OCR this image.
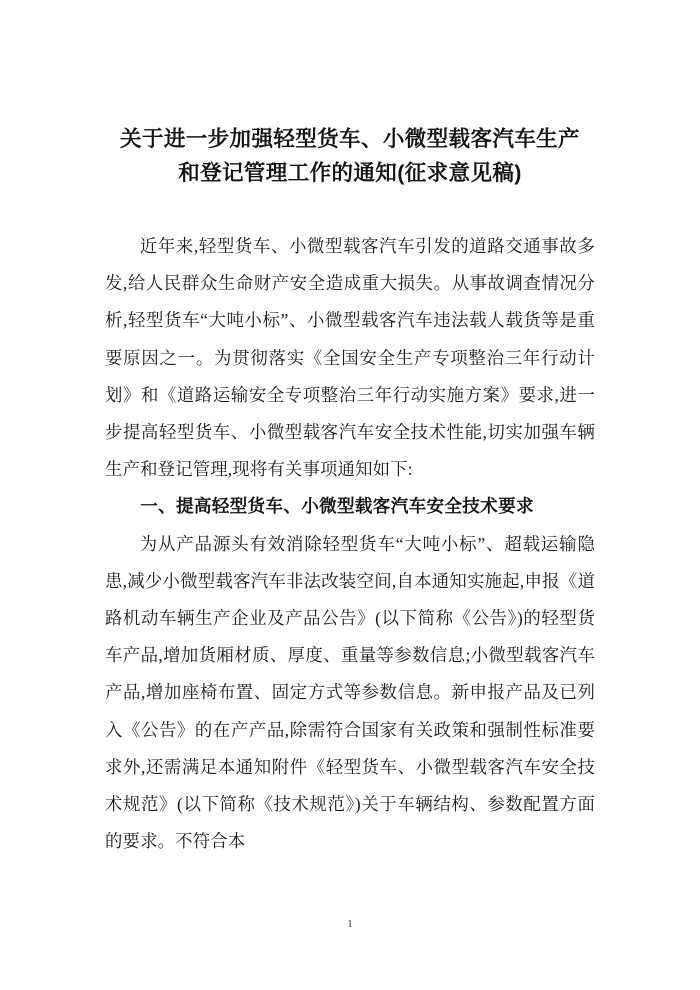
关于进一步加强轻型货车、小微型载客汽车生产
和登记管理工作的通知(征求意见稿)

近年来,轻型货车、小微型载客汽车引发的道路交通事故多发,给人民群众生命财产安全造成重大损失。从事故调查情况分析,轻型货车“大吨小标”、小微型载客汽车违法载人载货等是重要原因之一。为贯彻落实《全国安全生产专项整治三年行动计划》和《道路运输安全专项整治三年行动实施方案》要求,进一步提高轻型货车、小微型载客汽车安全技术性能,切实加强车辆生产和登记管理,现将有关事项通知如下:

一、提高轻型货车、小微型载客汽车安全技术要求

为从产品源头有效消除轻型货车“大吨小标”、超载运输隐患,减少小微型载客汽车非法改装空间,自本通知实施起,申报《道路机动车辆生产企业及产品公告》(以下简称《公告》)的轻型货车产品,增加货厢材质、厚度、重量等参数信息;小微型载客汽车产品,增加座椅布置、固定方式等参数信息。新申报产品及已列入《公告》的在产产品,除需符合国家有关政策和强制性标准要求外,还需满足本通知附件《轻型货车、小微型载客汽车安全技术规范》(以下简称《技术规范》)关于车辆结构、参数配置方面的要求。不符合本

1
